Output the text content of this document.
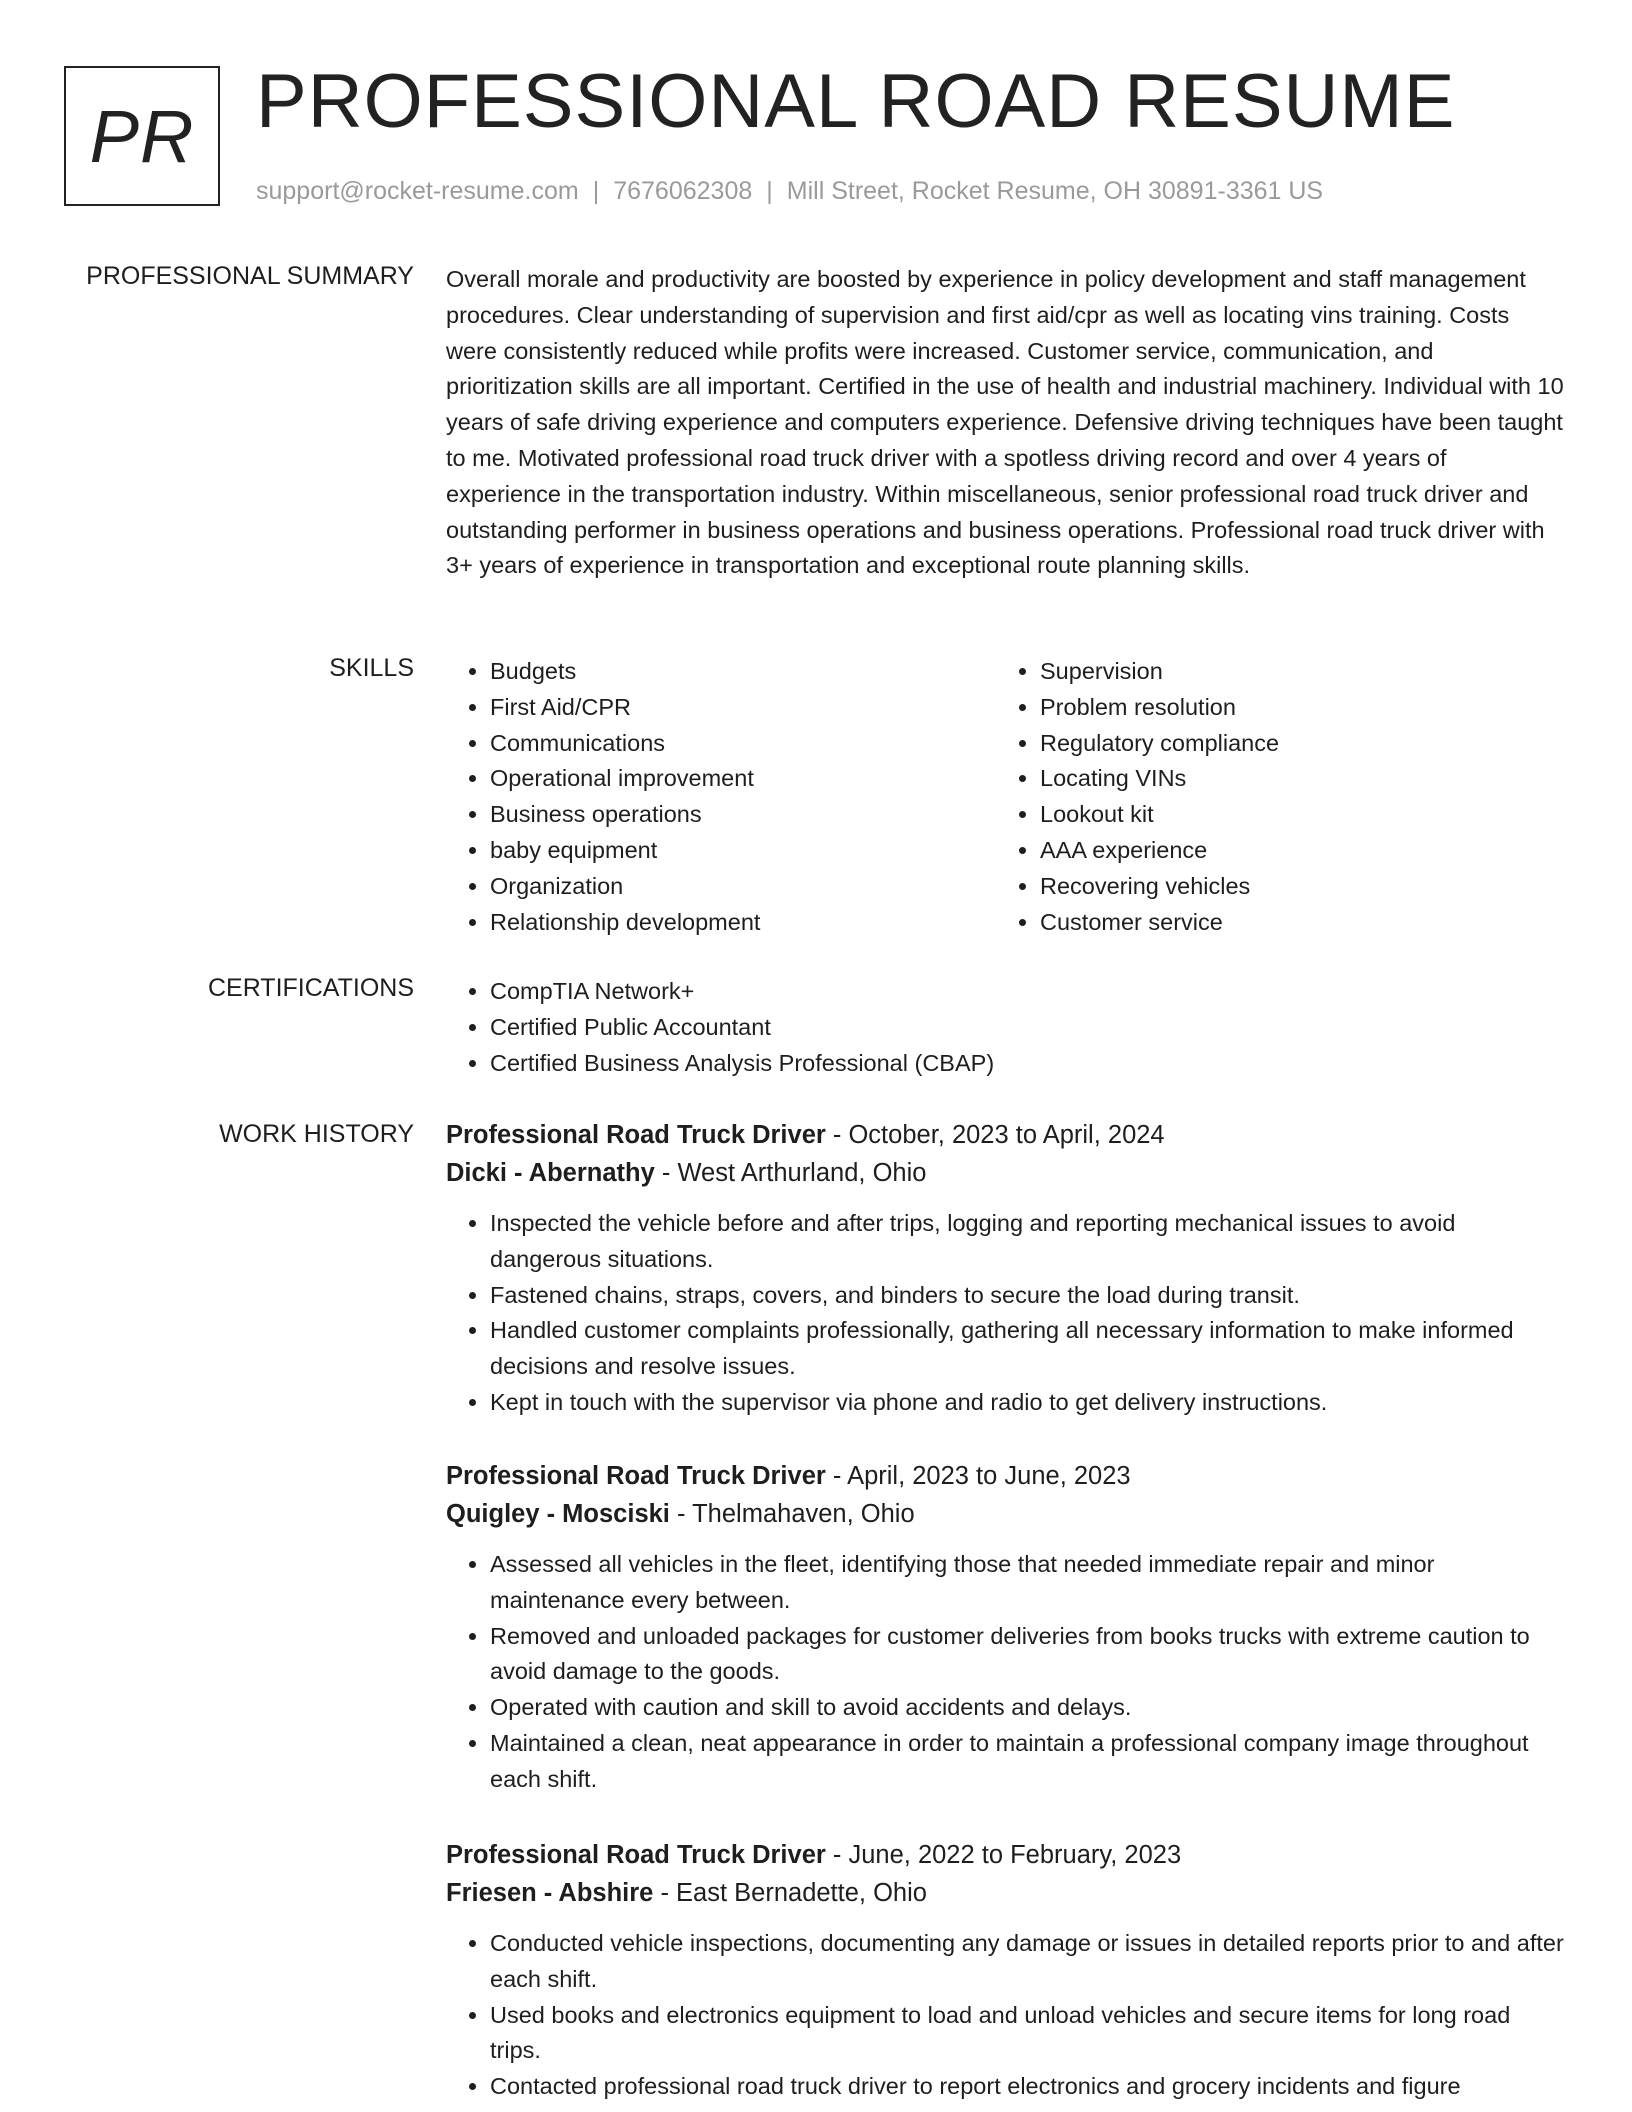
PR PROFESSIONAL ROAD RESUME
support@rocket-resume.com | 7676062308 | Mill Street, Rocket Resume, OH 30891-3361 US
PROFESSIONAL SUMMARY Overall morale and productivity are boosted by experience in policy development and staff management procedures. Clear understanding of supervision and first aid/cpr as well as locating vins training. Costs were consistently reduced while profits were increased. Customer service, communication, and prioritization skills are all important. Certified in the use of health and industrial machinery. Individual with 10 years of safe driving experience and computers experience. Defensive driving techniques have been taught to me. Motivated professional road truck driver with a spotless driving record and over 4 years of experience in the transportation industry. Within miscellaneous, senior professional road truck driver and outstanding performer in business operations and business operations. Professional road truck driver with 3+ years of experience in transportation and exceptional route planning skills.

SKILLS	• Budgets
• First Aid/CPR
• Communications
• Operational improvement
• Business operations
• baby equipment
• Organization
• Relationship development
• Supervision
• Problem resolution
• Regulatory compliance
• Locating VINs
• Lookout kit
• AAA experience
• Recovering vehicles
• Customer service
CERTIFICATIONS	• CompTIA Network+
• Certified Public Accountant
• Certified Business Analysis Professional (CBAP)
WORK HISTORY Professional Road Truck Driver - October, 2023 to April, 2024

Dicki - Abernathy - West Arthurland, Ohio

• Inspected the vehicle before and after trips, logging and reporting mechanical issues to avoid dangerous situations.
• Fastened chains, straps, covers, and binders to secure the load during transit.
• Handled customer complaints professionally, gathering all necessary information to make informed decisions and resolve issues.
• Kept in touch with the supervisor via phone and radio to get delivery instructions.

Professional Road Truck Driver - April, 2023 to June, 2023

Quigley - Mosciski - Thelmahaven, Ohio

• Assessed all vehicles in the fleet, identifying those that needed immediate repair and minor maintenance every between.
• Removed and unloaded packages for customer deliveries from books trucks with extreme caution to avoid damage to the goods.
• Operated with caution and skill to avoid accidents and delays.
• Maintained a clean, neat appearance in order to maintain a professional company image throughout each shift.

Professional Road Truck Driver - June, 2022 to February, 2023

Friesen - Abshire - East Bernadette, Ohio

• Conducted vehicle inspections, documenting any damage or issues in detailed reports prior to and after each shift.
• Used books and electronics equipment to load and unload vehicles and secure items for long road trips.
• Contacted professional road truck driver to report electronics and grocery incidents and figure
